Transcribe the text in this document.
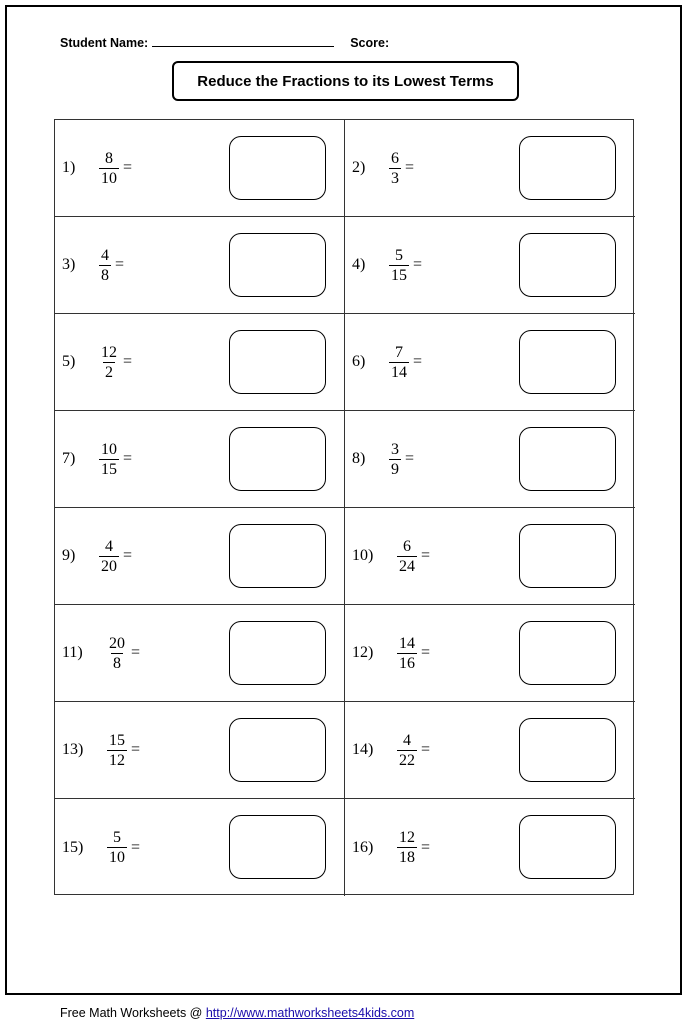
Student Name:	Score:
Reduce the Fractions to its Lowest Terms
$1) \frac{8}{10}$ =	$2) \frac{6}{3}$ =
$3) \frac{4}{8}$ =	$4) \frac{5}{15}$ =
$5) \frac{12}{2}$ =	$6) \frac{7}{14}$ =
$7) \frac{10}{15}$ =	$8) \frac{3}{9}$ =
$9) \frac{4}{20}$ =	$10) \frac{6}{24}$ =
$11) \frac{20}{8}$ =	$12) \frac{14}{16}$ =
$13) \frac{15}{12}$ =	$14) \frac{4}{22}$ =
$15) \frac{5}{10}$ =	$16) \frac{12}{18}$ =
Free Math Worksheets @ http://www.mathworksheets4kids.com
